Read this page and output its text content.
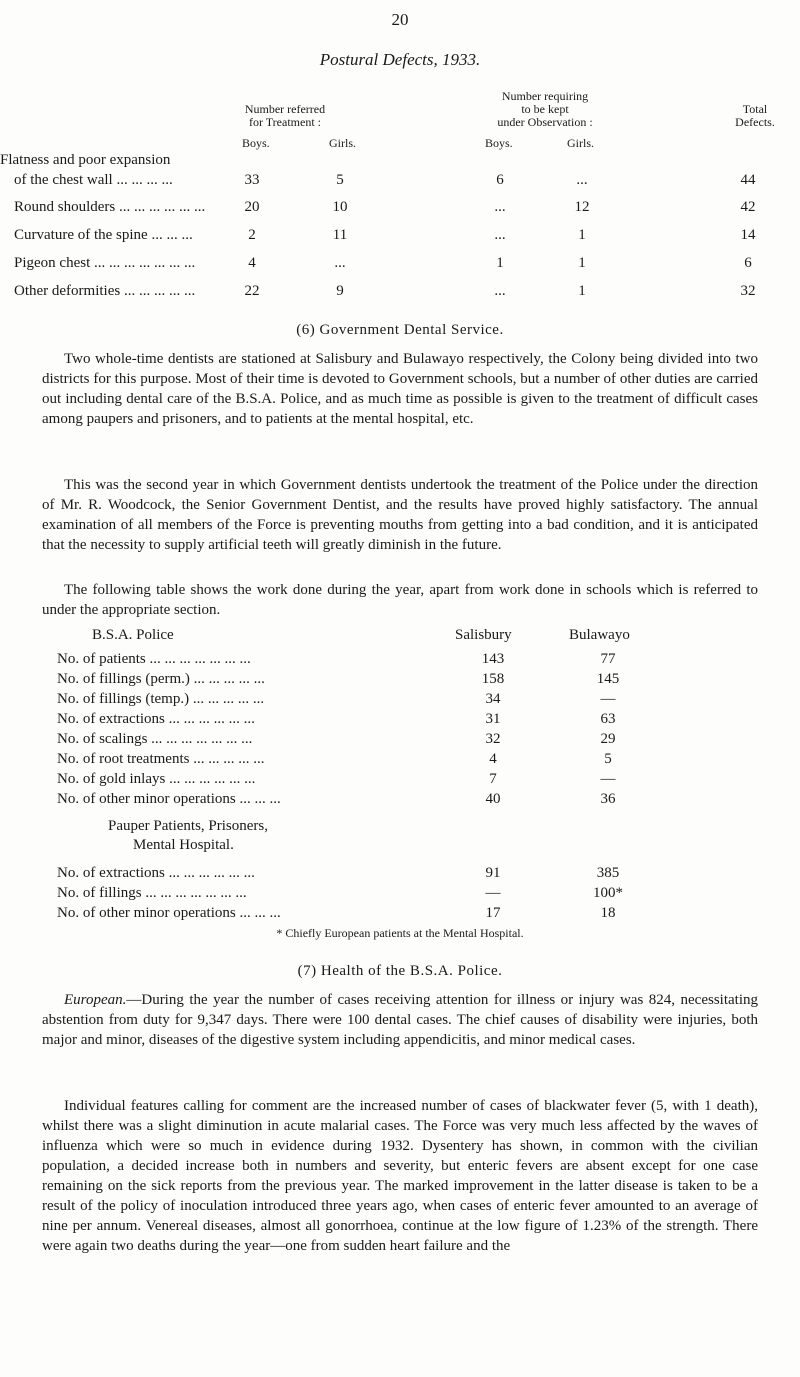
20
Postural Defects, 1933.
Number referred
for Treatment :
Number requiring
to be kept
under Observation :
Total
Defects.
Boys.	Girls.	Boys.	Girls.
Flatness and poor expansion
of the chest wall ... ... ... ...	33	5	6	...	44
Round shoulders ... ... ... ... ... ...	20	10	...	12	42
Curvature of the spine ... ... ...	2	11	...	1	14
Pigeon chest ... ... ... ... ... ... ...	4	...	1	1	6
Other deformities ... ... ... ... ...	22	9	...	1	32
(6) Government Dental Service.

Two whole-time dentists are stationed at Salisbury and Bulawayo respectively, the Colony being divided into two districts for this purpose. Most of their time is devoted to Government schools, but a number of other duties are carried out including dental care of the B.S.A. Police, and as much time as possible is given to the treatment of difficult cases among paupers and prisoners, and to patients at the mental hospital, etc.

This was the second year in which Government dentists undertook the treatment of the Police under the direction of Mr. R. Woodcock, the Senior Government Dentist, and the results have proved highly satisfactory. The annual examination of all members of the Force is preventing mouths from getting into a bad condition, and it is anticipated that the necessity to supply artificial teeth will greatly diminish in the future.

The following table shows the work done during the year, apart from work done in schools which is referred to under the appropriate section.

B.S.A. Police	Salisbury	Bulawayo
No. of patients ... ... ... ... ... ... ...	143	77
No. of fillings (perm.) ... ... ... ... ...	158	145
No. of fillings (temp.) ... ... ... ... ...	34	—
No. of extractions ... ... ... ... ... ...	31	63
No. of scalings ... ... ... ... ... ... ...	32	29
No. of root treatments ... ... ... ... ...	4	5
No. of gold inlays ... ... ... ... ... ...	7	—
No. of other minor operations ... ... ...	40	36
Pauper Patients, Prisoners,
Mental Hospital.
No. of extractions ... ... ... ... ... ...	91	385
No. of fillings ... ... ... ... ... ... ...	—	100*
No. of other minor operations ... ... ...	17	18
* Chiefly European patients at the Mental Hospital.
(7) Health of the B.S.A. Police.

European.—During the year the number of cases receiving attention for illness or injury was 824, necessitating abstention from duty for 9,347 days. There were 100 dental cases. The chief causes of disability were injuries, both major and minor, diseases of the digestive system including appendicitis, and minor medical cases.

Individual features calling for comment are the increased number of cases of blackwater fever (5, with 1 death), whilst there was a slight diminution in acute malarial cases. The Force was very much less affected by the waves of influenza which were so much in evidence during 1932. Dysentery has shown, in common with the civilian population, a decided increase both in numbers and severity, but enteric fevers are absent except for one case remaining on the sick reports from the previous year. The marked improvement in the latter disease is taken to be a result of the policy of inoculation introduced three years ago, when cases of enteric fever amounted to an average of nine per annum. Venereal diseases, almost all gonorrhoea, continue at the low figure of 1.23% of the strength. There were again two deaths during the year—one from sudden heart failure and the
